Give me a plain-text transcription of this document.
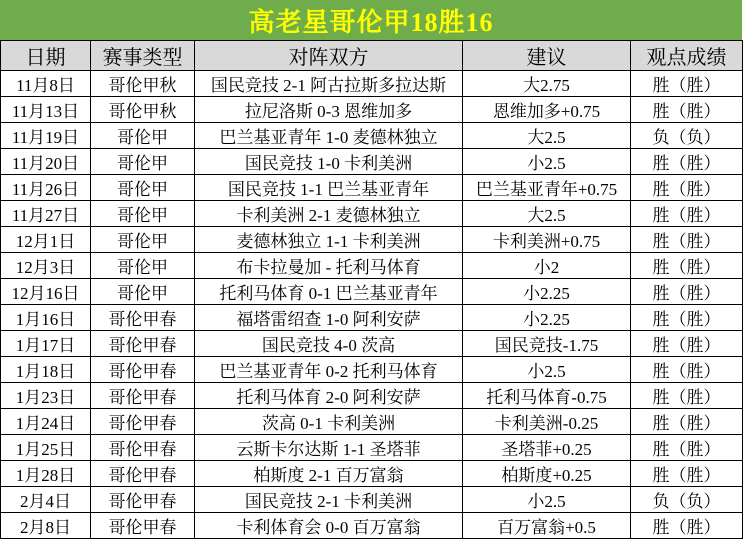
高老星哥伦甲18胜16
日期	赛事类型	对阵双方	建议	观点成绩
11月8日	哥伦甲秋	国民竞技 2-1 阿古拉斯多拉达斯	大2.75	胜（胜）
11月13日	哥伦甲秋	拉尼洛斯 0-3 恩维加多	恩维加多+0.75	胜（胜）
11月19日	哥伦甲	巴兰基亚青年 1-0 麦德林独立	大2.5	负（负）
11月20日	哥伦甲	国民竞技 1-0 卡利美洲	小2.5	胜（胜）
11月26日	哥伦甲	国民竞技 1-1 巴兰基亚青年	巴兰基亚青年+0.75	胜（胜）
11月27日	哥伦甲	卡利美洲 2-1 麦德林独立	大2.5	胜（胜）
12月1日	哥伦甲	麦德林独立 1-1 卡利美洲	卡利美洲+0.75	胜（胜）
12月3日	哥伦甲	布卡拉曼加 - 托利马体育	小2	胜（胜）
12月16日	哥伦甲	托利马体育 0-1 巴兰基亚青年	小2.25	胜（胜）
1月16日	哥伦甲春	福塔雷绍查 1-0 阿利安萨	小2.25	胜（胜）
1月17日	哥伦甲春	国民竞技 4-0 茨高	国民竞技-1.75	胜（胜）
1月18日	哥伦甲春	巴兰基亚青年 0-2 托利马体育	小2.5	胜（胜）
1月23日	哥伦甲春	托利马体育 2-0 阿利安萨	托利马体育-0.75	胜（胜）
1月24日	哥伦甲春	茨高 0-1 卡利美洲	卡利美洲-0.25	胜（胜）
1月25日	哥伦甲春	云斯卡尔达斯 1-1 圣塔菲	圣塔菲+0.25	胜（胜）
1月28日	哥伦甲春	柏斯度 2-1 百万富翁	柏斯度+0.25	胜（胜）
2月4日	哥伦甲春	国民竞技 2-1 卡利美洲	小2.5	负（负）
2月8日	哥伦甲春	卡利体育会 0-0 百万富翁	百万富翁+0.5	胜（胜）
